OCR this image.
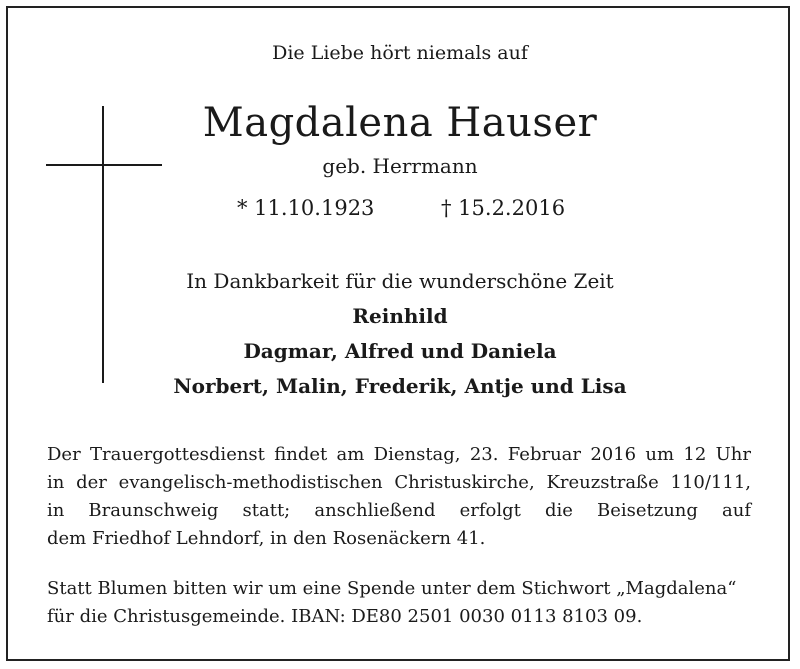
Die Liebe hört niemals auf
Magdalena Hauser
geb. Herrmann
* 11.10.1923	† 15.2.2016
In Dankbarkeit für die wunderschöne Zeit
Reinhild
Dagmar, Alfred und Daniela
Norbert, Malin, Frederik, Antje und Lisa
Der Trauergottesdienst findet am Dienstag, 23. Februar 2016 um 12 Uhr
in der evangelisch-methodistischen Christuskirche, Kreuzstraße 110/111,
in Braunschweig statt; anschließend erfolgt die Beisetzung auf
dem Friedhof Lehndorf, in den Rosenäckern 41.
Statt Blumen bitten wir um eine Spende unter dem Stichwort „Magdalena“
für die Christusgemeinde. IBAN: DE80 2501 0030 0113 8103 09.
